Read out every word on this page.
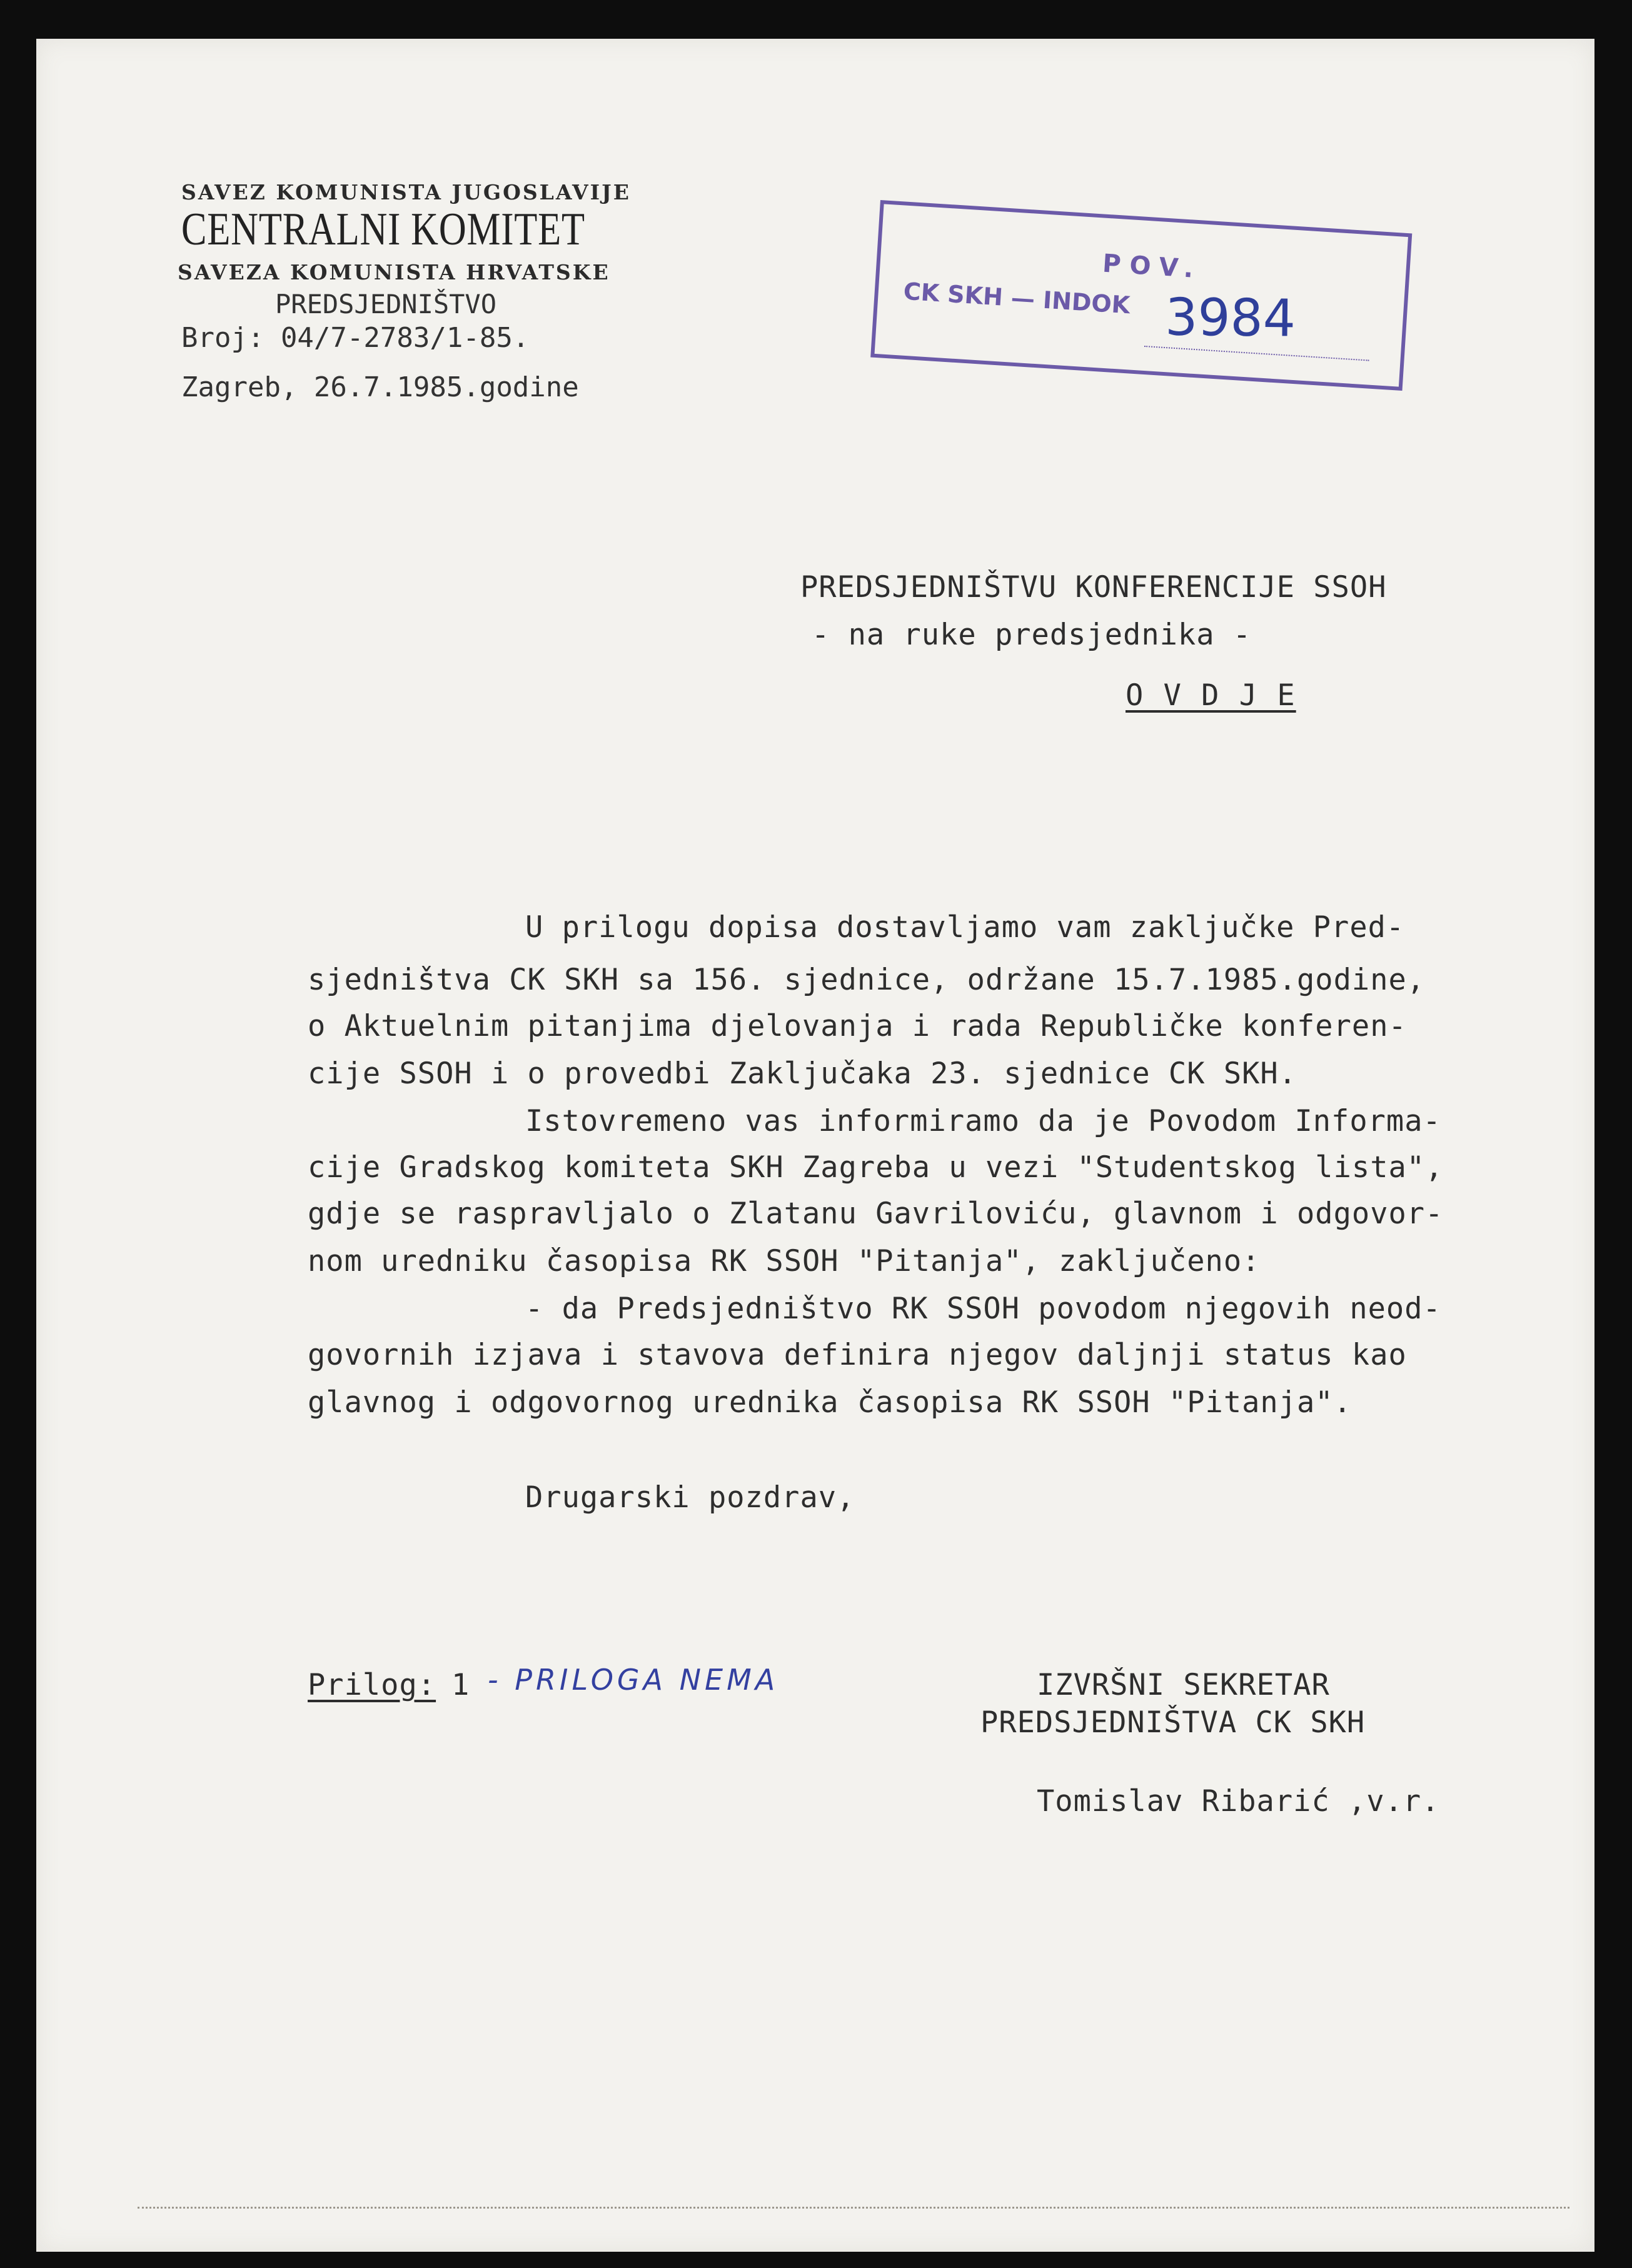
SAVEZ KOMUNISTA JUGOSLAVIJE
CENTRALNI KOMITET
SAVEZA KOMUNISTA HRVATSKE
PREDSJEDNIŠTVO
Broj: 04/7-2783/1-85.
Zagreb, 26.7.1985.godine
POV.
CK SKH — INDOK 3984
PREDSJEDNIŠTVU KONFERENCIJE SSOH
- na ruke predsjednika -
O V D J E
U prilogu dopisa dostavljamo vam zaključke Pred-
sjedništva CK SKH sa 156. sjednice, održane 15.7.1985.godine,
o Aktuelnim pitanjima djelovanja i rada Republičke konferen-
cije SSOH i o provedbi Zaključaka 23. sjednice CK SKH.
Istovremeno vas informiramo da je Povodom Informa-
cije Gradskog komiteta SKH Zagreba u vezi "Studentskog lista",
gdje se raspravljalo o Zlatanu Gavriloviću, glavnom i odgovor-
nom uredniku časopisa RK SSOH "Pitanja", zaključeno:
- da Predsjedništvo RK SSOH povodom njegovih neod-
govornih izjava i stavova definira njegov daljnji status kao
glavnog i odgovornog urednika časopisa RK SSOH "Pitanja".
Drugarski pozdrav,
Prilog: 1 - PRILOGA NEMA	IZVRŠNI SEKRETAR
PREDSJEDNIŠTVA CK SKH
Tomislav Ribarić ,v.r.
